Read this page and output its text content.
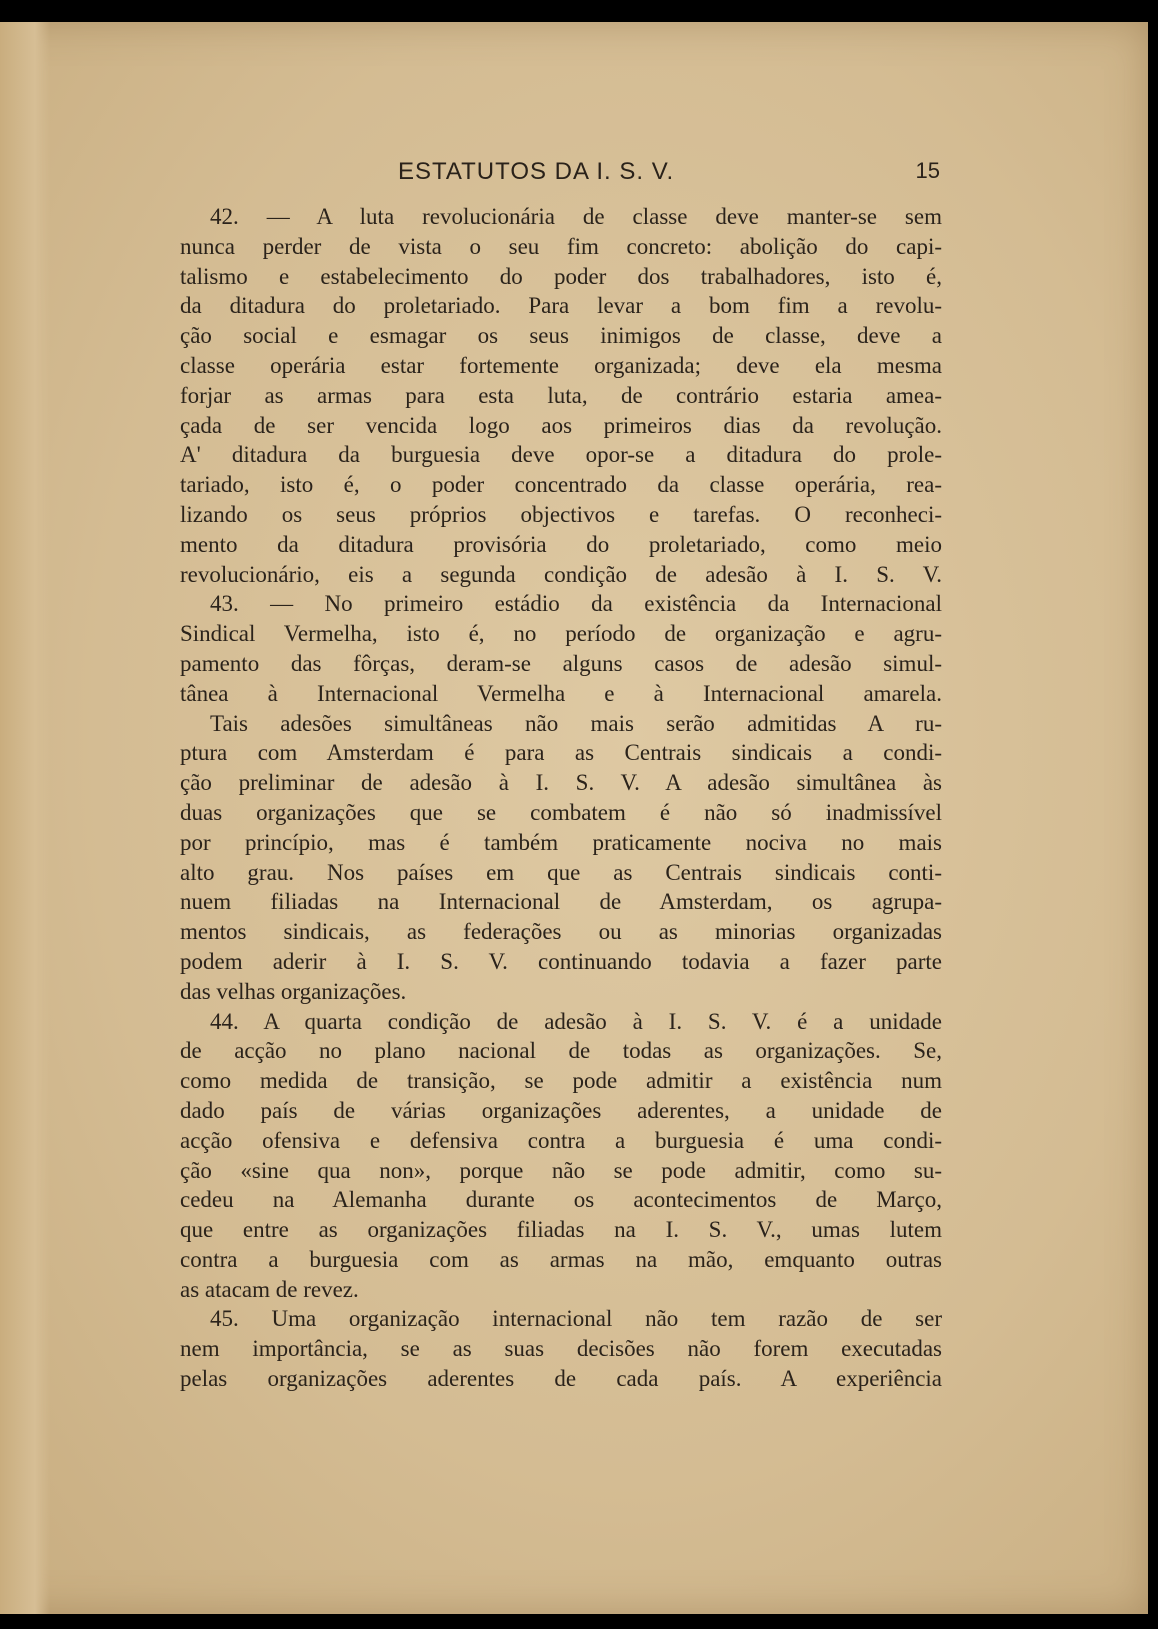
ESTATUTOS DA I. S. V.	15
42. — A luta revolucionária de classe deve manter-se sem
nunca perder de vista o seu fim concreto: abolição do capi-
talismo e estabelecimento do poder dos trabalhadores, isto é,
da ditadura do proletariado. Para levar a bom fim a revolu-
ção social e esmagar os seus inimigos de classe, deve a
classe operária estar fortemente organizada; deve ela mesma
forjar as armas para esta luta, de contrário estaria amea-
çada de ser vencida logo aos primeiros dias da revolução.
A' ditadura da burguesia deve opor-se a ditadura do prole-
tariado, isto é, o poder concentrado da classe operária, rea-
lizando os seus próprios objectivos e tarefas. O reconheci-
mento da ditadura provisória do proletariado, como meio
revolucionário, eis a segunda condição de adesão à I. S. V.
43. — No primeiro estádio da existência da Internacional
Sindical Vermelha, isto é, no período de organização e agru-
pamento das fôrças, deram-se alguns casos de adesão simul-
tânea à Internacional Vermelha e à Internacional amarela.
Tais adesões simultâneas não mais serão admitidas A ru-
ptura com Amsterdam é para as Centrais sindicais a condi-
ção preliminar de adesão à I. S. V. A adesão simultânea às
duas organizações que se combatem é não só inadmissível
por princípio, mas é também praticamente nociva no mais
alto grau. Nos países em que as Centrais sindicais conti-
nuem filiadas na Internacional de Amsterdam, os agrupa-
mentos sindicais, as federações ou as minorias organizadas
podem aderir à I. S. V. continuando todavia a fazer parte
das velhas organizações.
44. A quarta condição de adesão à I. S. V. é a unidade
de acção no plano nacional de todas as organizações. Se,
como medida de transição, se pode admitir a existência num
dado país de várias organizações aderentes, a unidade de
acção ofensiva e defensiva contra a burguesia é uma condi-
ção «sine qua non», porque não se pode admitir, como su-
cedeu na Alemanha durante os acontecimentos de Março,
que entre as organizações filiadas na I. S. V., umas lutem
contra a burguesia com as armas na mão, emquanto outras
as atacam de revez.
45. Uma organização internacional não tem razão de ser
nem importância, se as suas decisões não forem executadas
pelas organizações aderentes de cada país. A experiência
